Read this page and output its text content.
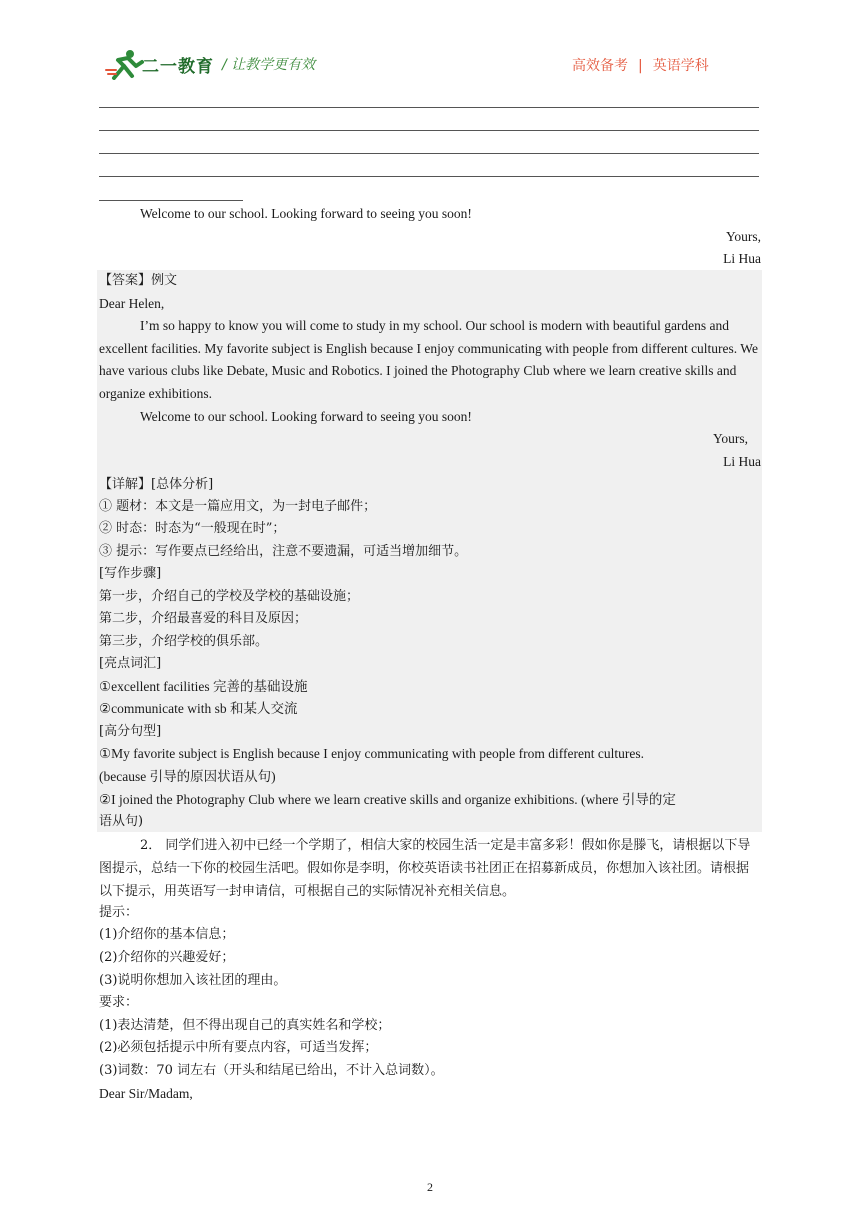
二一教育 / 让教学更有效	高效备考 | 英语学科
Welcome to our school. Looking forward to seeing you soon!
Yours,
Li Hua
【答案】例文
Dear Helen,
I’m so happy to know you will come to study in my school. Our school is modern with beautiful gardens and excellent facilities. My favorite subject is English because I enjoy communicating with people from different cultures. We have various clubs like Debate, Music and Robotics. I joined the Photography Club where we learn creative skills and organize exhibitions.
Welcome to our school. Looking forward to seeing you soon!
Yours,
Li Hua
【详解】[总体分析]
① 题材：本文是一篇应用文，为一封电子邮件；
② 时态：时态为“一般现在时”；
③ 提示：写作要点已经给出，注意不要遗漏，可适当增加细节。
[写作步骤]
第一步，介绍自己的学校及学校的基础设施；
第二步，介绍最喜爱的科目及原因；
第三步，介绍学校的俱乐部。
[亮点词汇]
①excellent facilities 完善的基础设施
②communicate with sb 和某人交流
[高分句型]
①My favorite subject is English because I enjoy communicating with people from different cultures.
(because 引导的原因状语从句)
②I joined the Photography Club where we learn creative skills and organize exhibitions. (where 引导的定
语从句)
2． 同学们进入初中已经一个学期了，相信大家的校园生活一定是丰富多彩！假如你是滕飞，请根据以下导图提示，总结一下你的校园生活吧。假如你是李明，你校英语读书社团正在招募新成员，你想加入该社团。请根据以下提示，用英语写一封申请信，可根据自己的实际情况补充相关信息。
提示：
(1)介绍你的基本信息；
(2)介绍你的兴趣爱好；
(3)说明你想加入该社团的理由。
要求：
(1)表达清楚，但不得出现自己的真实姓名和学校；
(2)必须包括提示中所有要点内容，可适当发挥；
(3)词数：70 词左右（开头和结尾已给出，不计入总词数）。
Dear Sir/Madam,
2
